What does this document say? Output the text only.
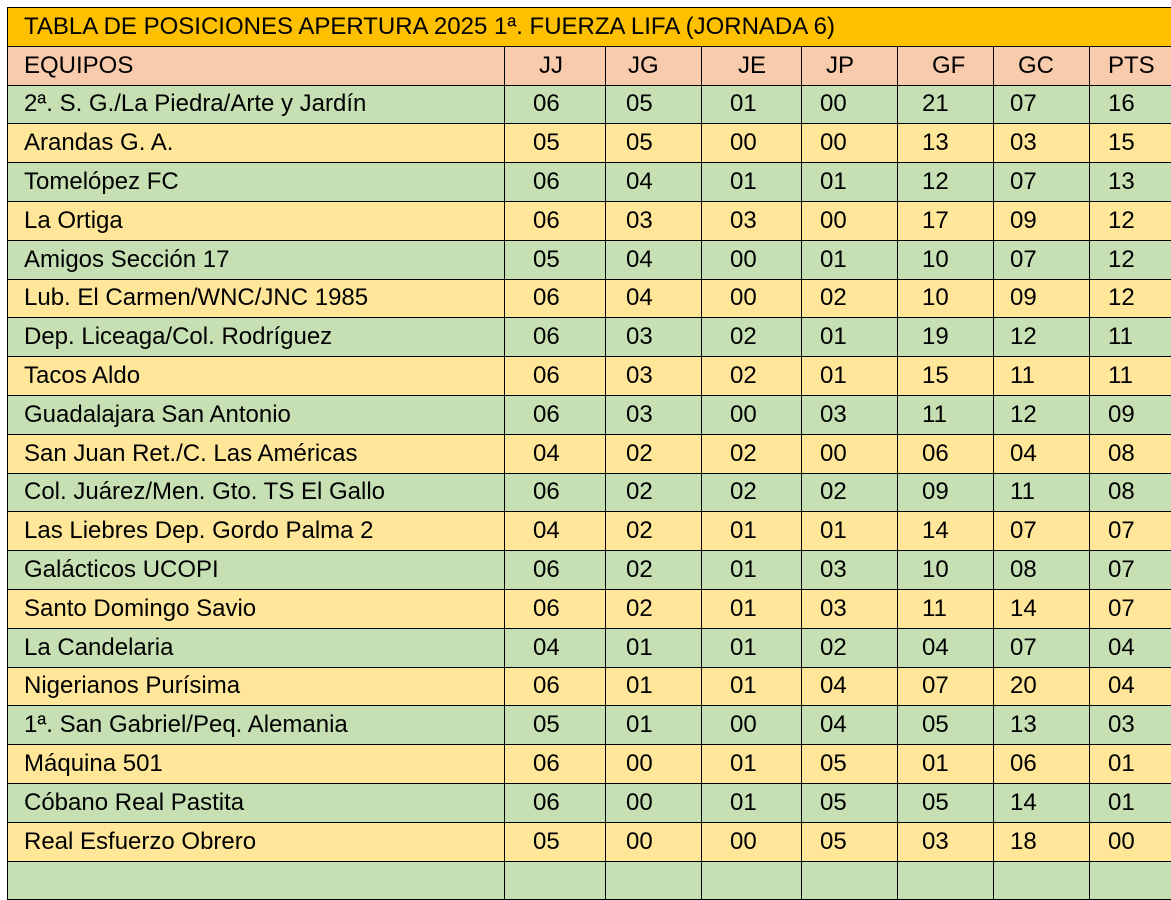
TABLA DE POSICIONES APERTURA 2025 1ª. FUERZA LIFA (JORNADA 6)							
EQUIPOS	JJ	JG	JE	JP	GF	GC	PTS
2ª. S. G./La Piedra/Arte y Jardín	06	05	01	00	21	07	16
Arandas G. A.	05	05	00	00	13	03	15
Tomelópez FC	06	04	01	01	12	07	13
La Ortiga	06	03	03	00	17	09	12
Amigos Sección 17	05	04	00	01	10	07	12
Lub. El Carmen/WNC/JNC 1985	06	04	00	02	10	09	12
Dep. Liceaga/Col. Rodríguez	06	03	02	01	19	12	11
Tacos Aldo	06	03	02	01	15	11	11
Guadalajara San Antonio	06	03	00	03	11	12	09
San Juan Ret./C. Las Américas	04	02	02	00	06	04	08
Col. Juárez/Men. Gto. TS El Gallo	06	02	02	02	09	11	08
Las Liebres Dep. Gordo Palma 2	04	02	01	01	14	07	07
Galácticos UCOPI	06	02	01	03	10	08	07
Santo Domingo Savio	06	02	01	03	11	14	07
La Candelaria	04	01	01	02	04	07	04
Nigerianos Purísima	06	01	01	04	07	20	04
1ª. San Gabriel/Peq. Alemania	05	01	00	04	05	13	03
Máquina 501	06	00	01	05	01	06	01
Cóbano Real Pastita	06	00	01	05	05	14	01
Real Esfuerzo Obrero	05	00	00	05	03	18	00
